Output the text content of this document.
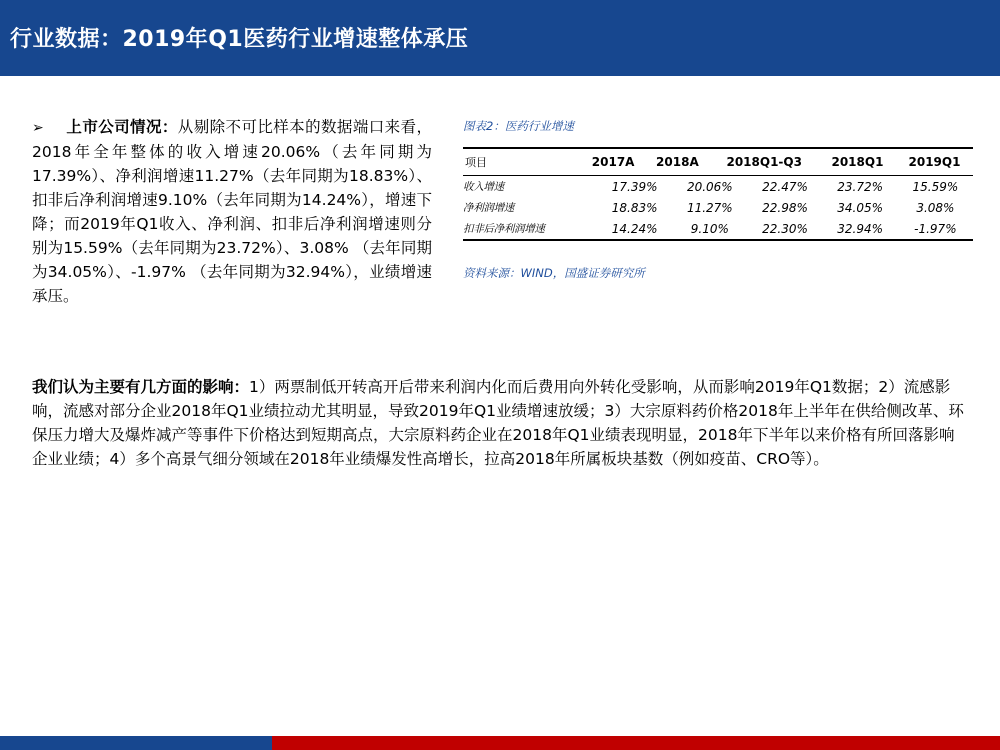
行业数据：2019年Q1医药行业增速整体承压
➢ 上市公司情况：从剔除不可比样本的数据端口来看，2018年全年整体的收入增速20.06%（去年同期为17.39%）、净利润增速11.27%（去年同期为18.83%）、扣非后净利润增速9.10%（去年同期为14.24%），增速下降；而2019年Q1收入、净利润、扣非后净利润增速则分别为15.59%（去年同期为23.72%）、3.08% （去年同期为34.05%）、-1.97% （去年同期为32.94%），业绩增速承压。
图表2：医药行业增速
项目	2017A	2018A	2018Q1-Q3	2018Q1	2019Q1
收入增速	17.39%	20.06%	22.47%	23.72%	15.59%
净利润增速	18.83%	11.27%	22.98%	34.05%	3.08%
扣非后净利润增速	14.24%	9.10%	22.30%	32.94%	-1.97%
资料来源：WIND，国盛证券研究所
我们认为主要有几方面的影响：1）两票制低开转高开后带来利润内化而后费用向外转化受影响，从而影响2019年Q1数据；2）流感影响，流感对部分企业2018年Q1业绩拉动尤其明显，导致2019年Q1业绩增速放缓；3）大宗原料药价格2018年上半年在供给侧改革、环保压力增大及爆炸减产等事件下价格达到短期高点，大宗原料药企业在2018年Q1业绩表现明显，2018年下半年以来价格有所回落影响企业业绩；4）多个高景气细分领域在2018年业绩爆发性高增长，拉高2018年所属板块基数（例如疫苗、CRO等）。
